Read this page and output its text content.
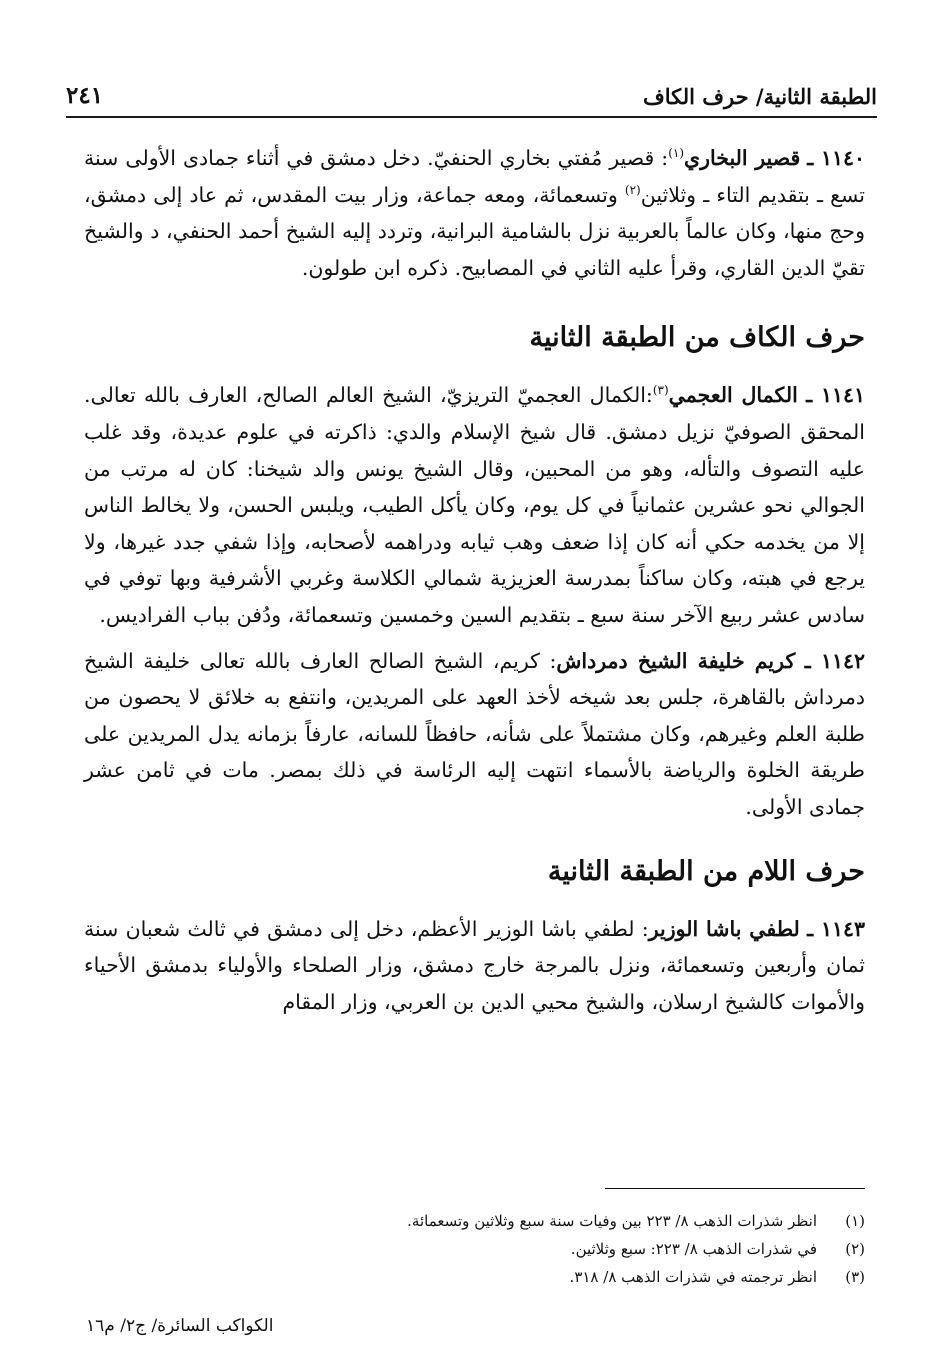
الطبقة الثانية/ حرف الكاف
٢٤١

١١٤٠ ـ قصير البخاري$^{(١)}$: قصير مُفتي بخاري الحنفيّ. دخل دمشق في أثناء جمادى الأولى سنة تسع ـ بتقديم التاء ـ وثلاثين$^{(٢)}$ وتسعمائة، ومعه جماعة، وزار بيت المقدس، ثم عاد إلى دمشق، وحج منها، وكان عالماً بالعربية نزل بالشامية البرانية، وتردد إليه الشيخ أحمد الحنفي، د والشيخ تقيّ الدين القاري، وقرأ عليه الثاني في المصابيح. ذكره ابن طولون.

حرف الكاف من الطبقة الثانية

١١٤١ ـ الكمال العجمي$^{(٣)}$:الكمال العجميّ التريزيّ، الشيخ العالم الصالح، العارف بالله تعالى. المحقق الصوفيّ نزيل دمشق. قال شيخ الإسلام والدي: ذاكرته في علوم عديدة، وقد غلب عليه التصوف والتأله، وهو من المحبين، وقال الشيخ يونس والد شيخنا: كان له مرتب من الجوالي نحو عشرين عثمانياً في كل يوم، وكان يأكل الطيب، ويلبس الحسن، ولا يخالط الناس إلا من يخدمه حكي أنه كان إذا ضعف وهب ثيابه ودراهمه لأصحابه، وإذا شفي جدد غيرها، ولا يرجع في هبته، وكان ساكناً بمدرسة العزيزية شمالي الكلاسة وغربي الأشرفية وبها توفي في سادس عشر ربيع الآخر سنة سبع ـ بتقديم السين وخمسين وتسعمائة، ودُفن بباب الفراديس.

١١٤٢ ـ كريم خليفة الشيخ دمرداش: كريم، الشيخ الصالح العارف بالله تعالى خليفة الشيخ دمرداش بالقاهرة، جلس بعد شيخه لأخذ العهد على المريدين، وانتفع به خلائق لا يحصون من طلبة العلم وغيرهم، وكان مشتملاً على شأنه، حافظاً للسانه، عارفاً بزمانه يدل المريدين على طريقة الخلوة والرياضة بالأسماء انتهت إليه الرئاسة في ذلك بمصر. مات في ثامن عشر جمادى الأولى.

حرف اللام من الطبقة الثانية

١١٤٣ ـ لطفي باشا الوزير: لطفي باشا الوزير الأعظم، دخل إلى دمشق في ثالث شعبان سنة ثمان وأربعين وتسعمائة، ونزل بالمرجة خارج دمشق، وزار الصلحاء والأولياء بدمشق الأحياء والأموات كالشيخ ارسلان، والشيخ محيي الدين بن العربي، وزار المقام

(١)
انظر شذرات الذهب ٨/ ٢٢٣ بين وفيات سنة سبع وثلاثين وتسعمائة.
(٢)
في شذرات الذهب ٨/ ٢٢٣: سبع وثلاثين.
(٣)
انظر ترجمته في شذرات الذهب ٨/ ٣١٨.
الكواكب السائرة/ ج٢/ م١٦
